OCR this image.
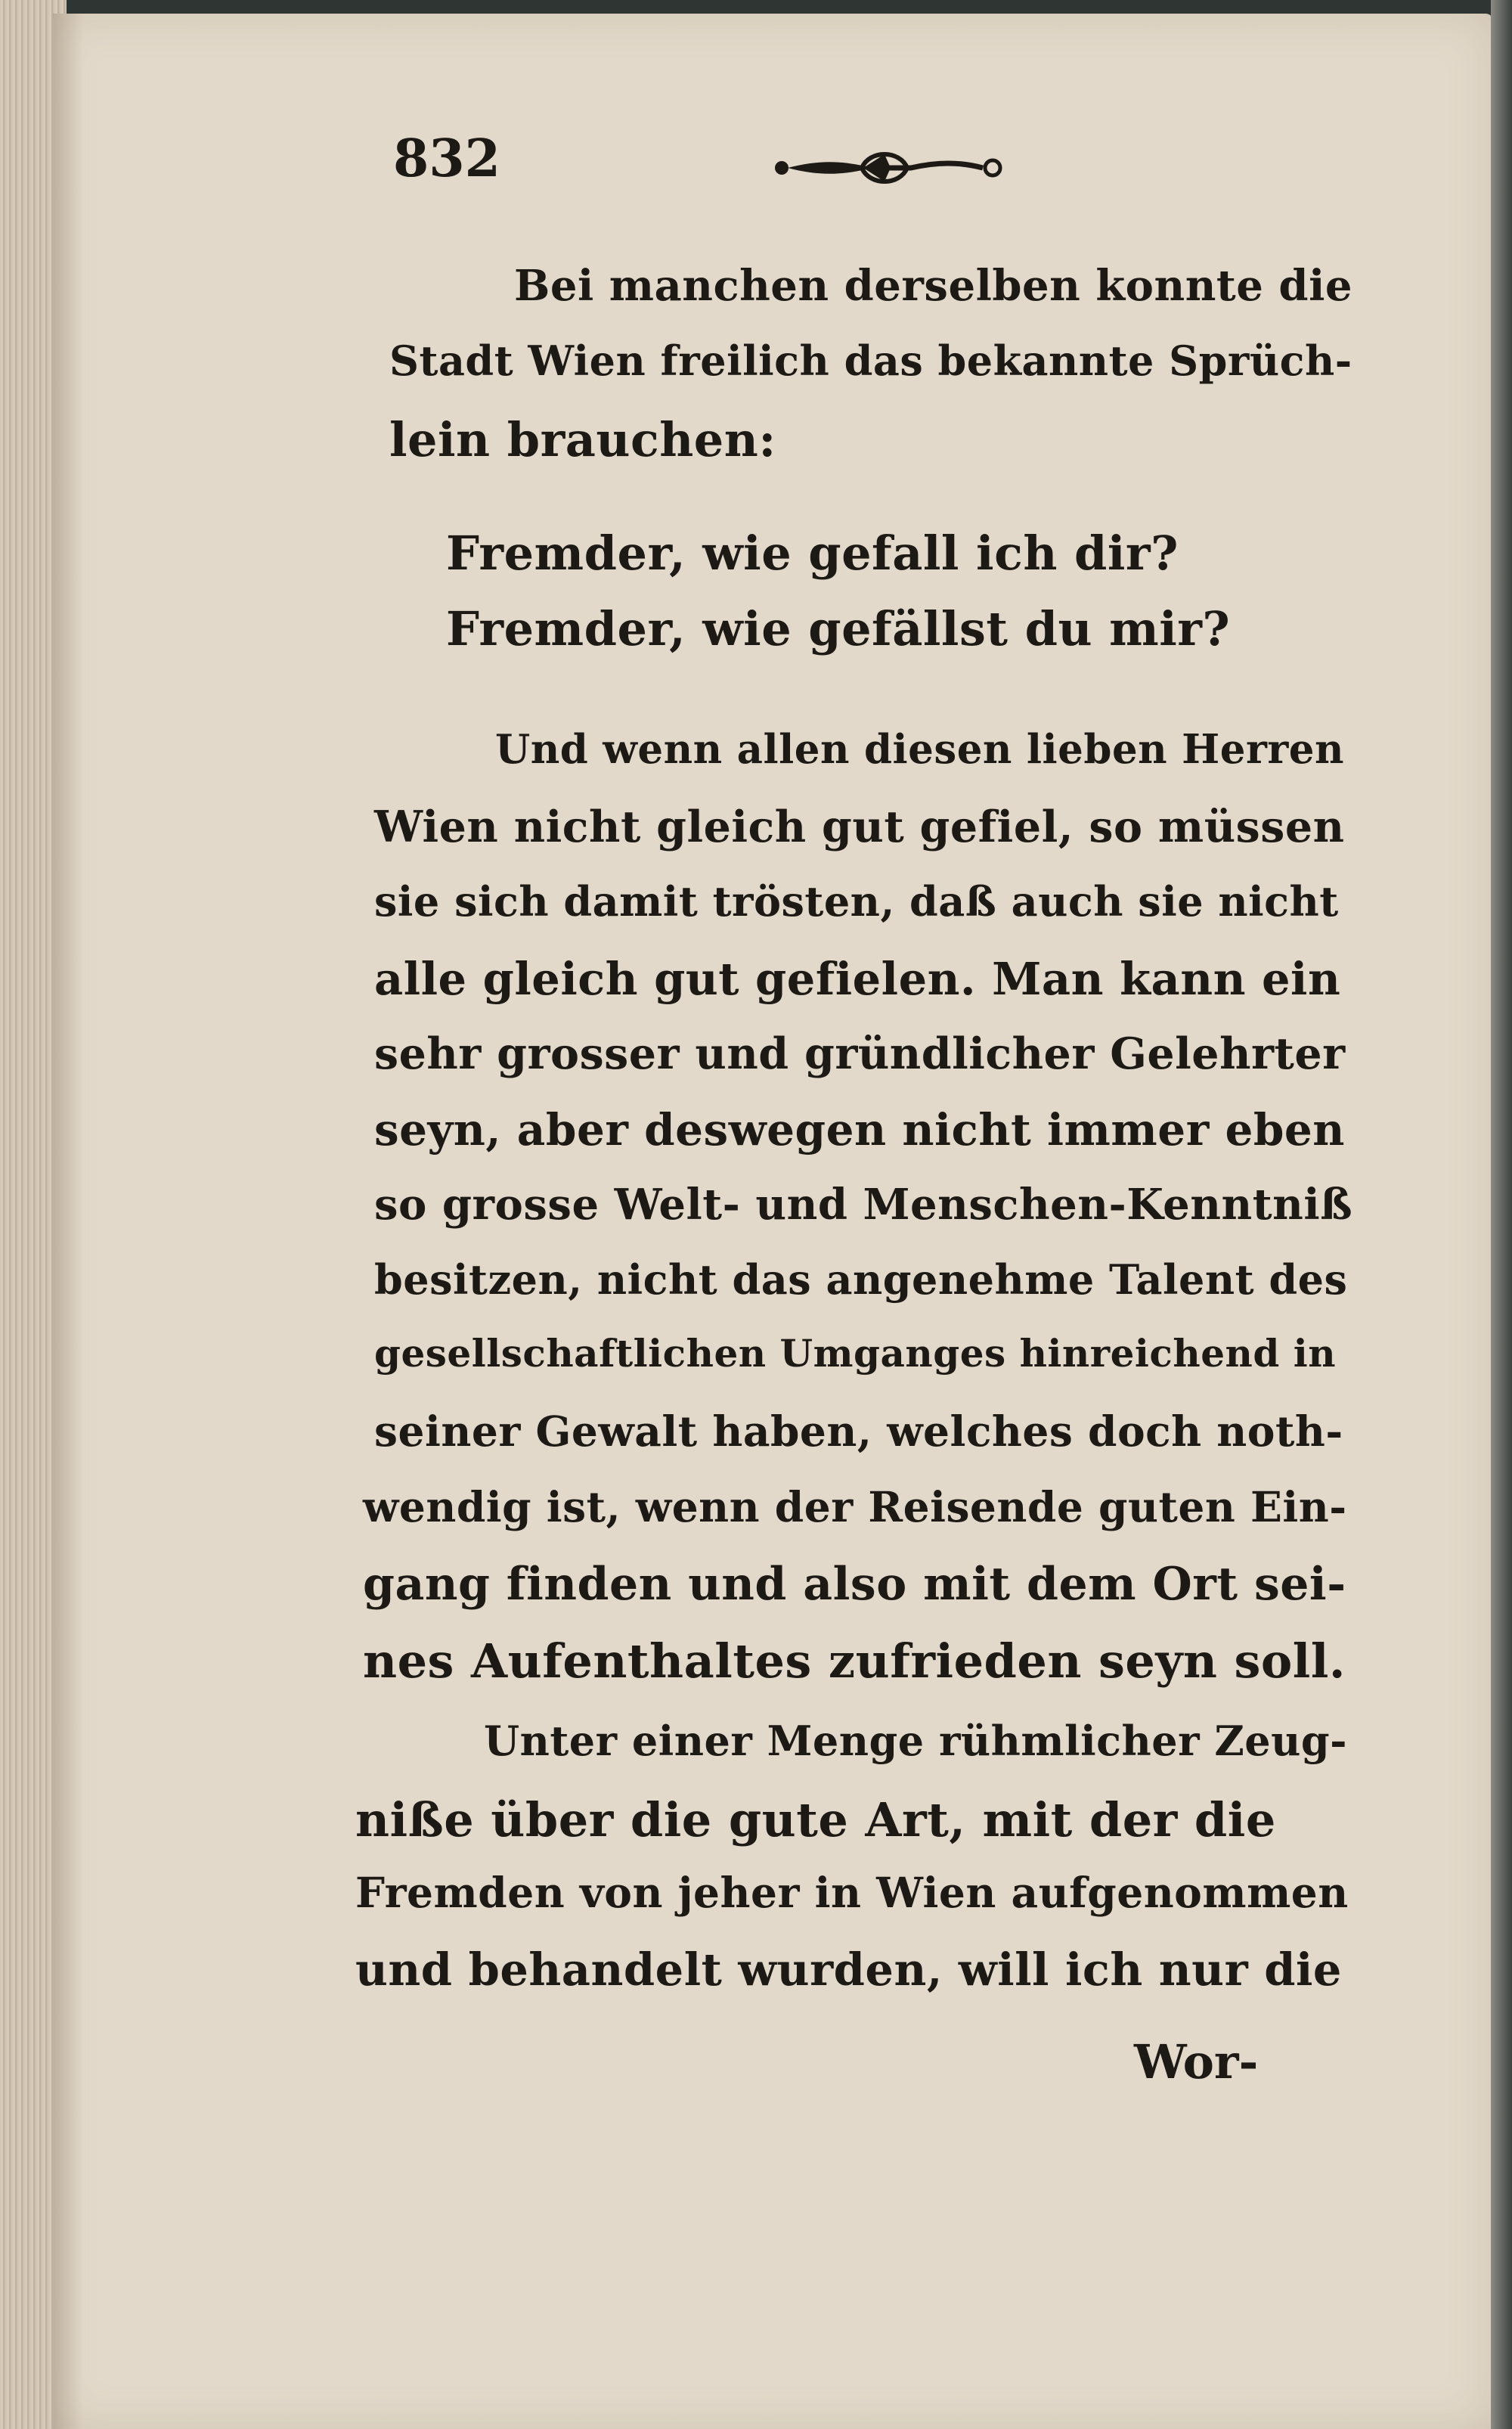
832
Bei manchen derselben konnte die
Stadt Wien freilich das bekannte Sprüch-
lein brauchen:
Fremder, wie gefall ich dir?
Fremder, wie gefällst du mir?
Und wenn allen diesen lieben Herren
Wien nicht gleich gut gefiel, so müssen
sie sich damit trösten, daß auch sie nicht
alle gleich gut gefielen. Man kann ein
sehr grosser und gründlicher Gelehrter
seyn, aber deswegen nicht immer eben
so grosse Welt- und Menschen-Kenntniß
besitzen, nicht das angenehme Talent des
gesellschaftlichen Umganges hinreichend in
seiner Gewalt haben, welches doch noth-
wendig ist, wenn der Reisende guten Ein-
gang finden und also mit dem Ort sei-
nes Aufenthaltes zufrieden seyn soll.
Unter einer Menge rühmlicher Zeug-
niße über die gute Art, mit der die
Fremden von jeher in Wien aufgenommen
und behandelt wurden, will ich nur die
Wor-
